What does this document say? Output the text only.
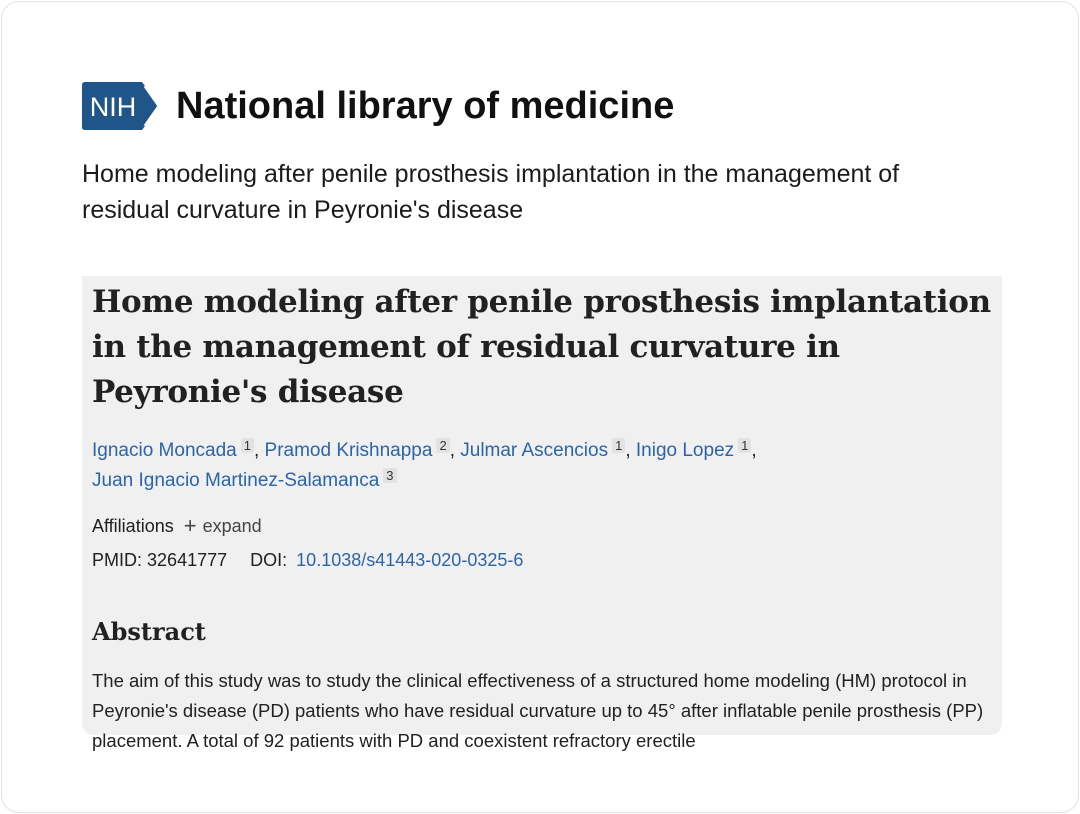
NIH National library of medicine

Home modeling after penile prosthesis implantation in the management of residual curvature in Peyronie's disease

Home modeling after penile prosthesis implantation in the management of residual curvature in Peyronie's disease
Ignacio Moncada 1 , Pramod Krishnappa 2 , Julmar Ascencios 1 , Inigo Lopez 1 ,
Juan Ignacio Martinez-Salamanca 3
Affiliations + expand
PMID: 32641777 DOI: 10.1038/s41443-020-0325-6
Abstract

The aim of this study was to study the clinical effectiveness of a structured home modeling (HM) protocol in Peyronie's disease (PD) patients who have residual curvature up to 45° after inflatable penile prosthesis (PP) placement. A total of 92 patients with PD and coexistent refractory erectile
